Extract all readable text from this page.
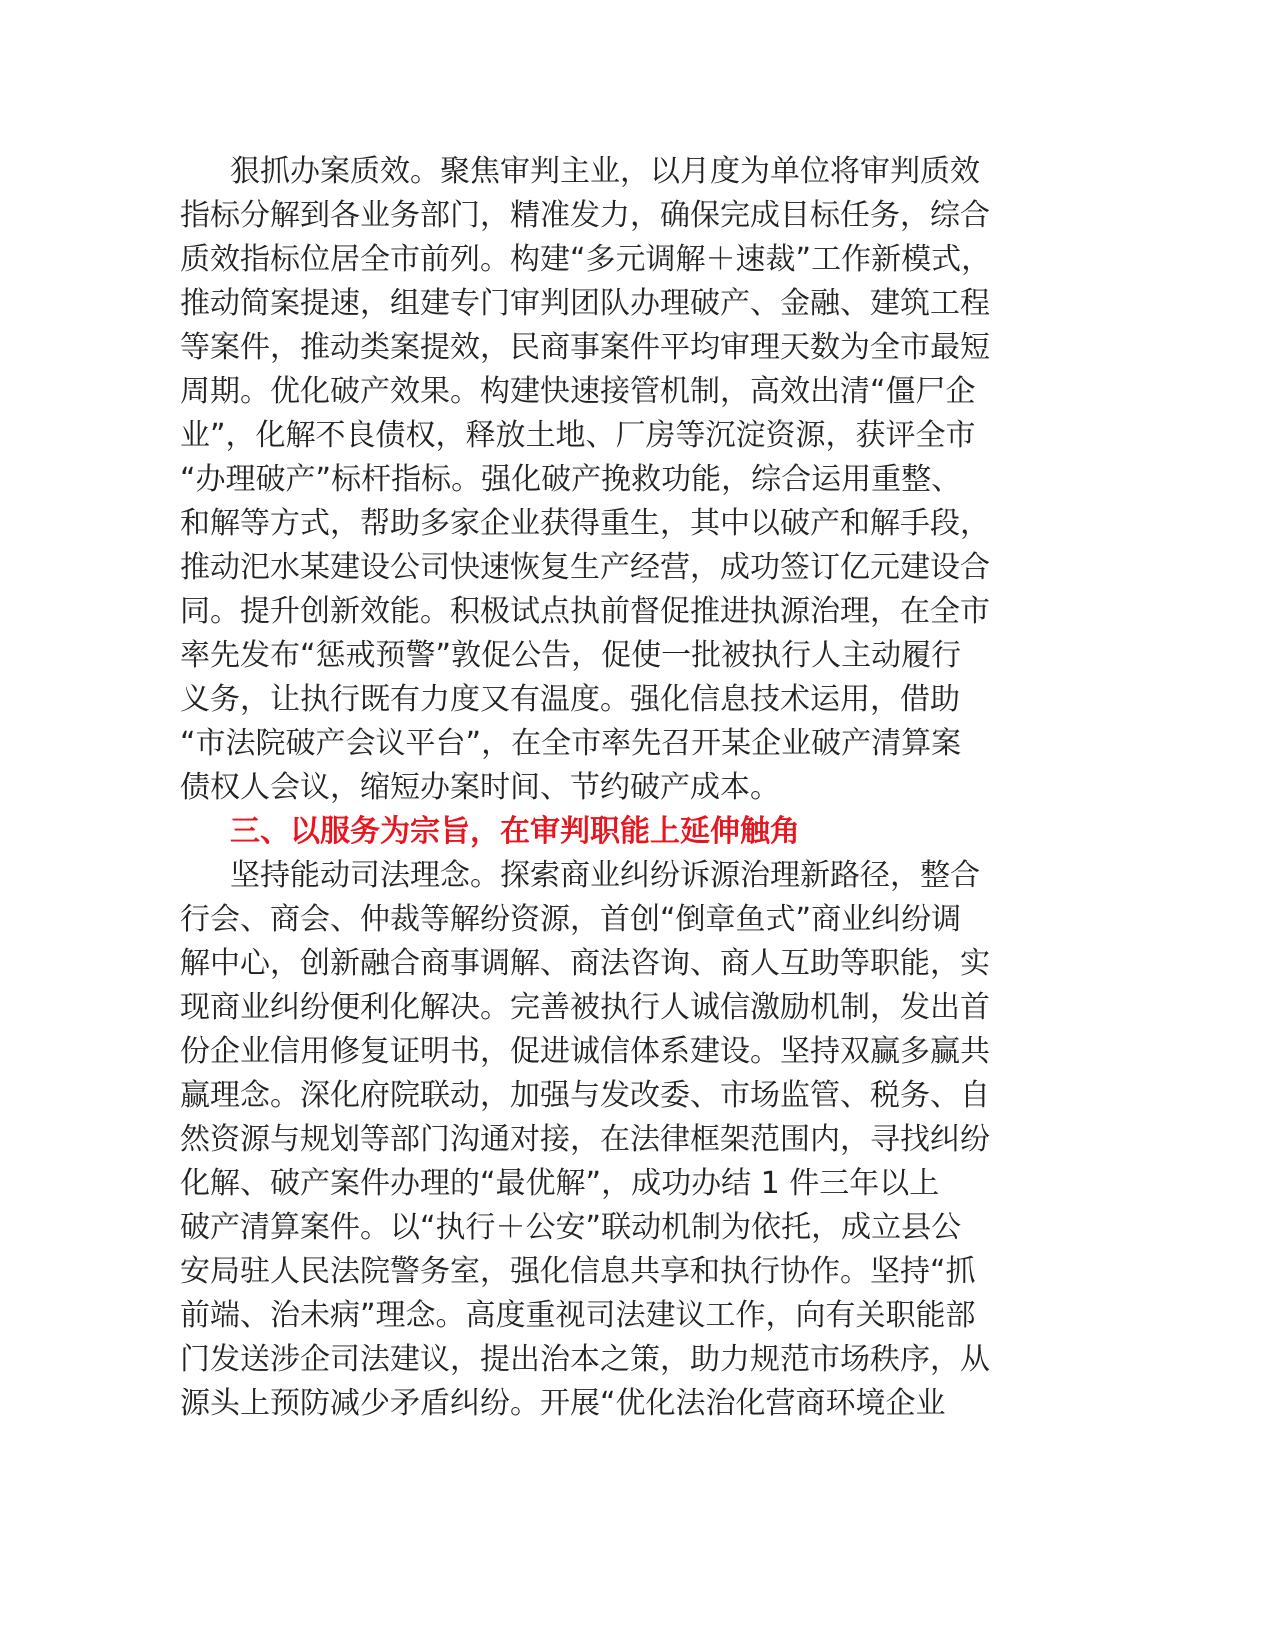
狠抓办案质效。聚焦审判主业，以月度为单位将审判质效
指标分解到各业务部门，精准发力，确保完成目标任务，综合
质效指标位居全市前列。构建“多元调解＋速裁”工作新模式，
推动简案提速，组建专门审判团队办理破产、金融、建筑工程
等案件，推动类案提效，民商事案件平均审理天数为全市最短
周期。优化破产效果。构建快速接管机制，高效出清“僵尸企
业”，化解不良债权，释放土地、厂房等沉淀资源，获评全市
“办理破产”标杆指标。强化破产挽救功能，综合运用重整、
和解等方式，帮助多家企业获得重生，其中以破产和解手段，
推动汜水某建设公司快速恢复生产经营，成功签订亿元建设合
同。提升创新效能。积极试点执前督促推进执源治理，在全市
率先发布“惩戒预警”敦促公告，促使一批被执行人主动履行
义务，让执行既有力度又有温度。强化信息技术运用，借助
“市法院破产会议平台”，在全市率先召开某企业破产清算案
债权人会议，缩短办案时间、节约破产成本。
三、以服务为宗旨，在审判职能上延伸触角
坚持能动司法理念。探索商业纠纷诉源治理新路径，整合
行会、商会、仲裁等解纷资源，首创“倒章鱼式”商业纠纷调
解中心，创新融合商事调解、商法咨询、商人互助等职能，实
现商业纠纷便利化解决。完善被执行人诚信激励机制，发出首
份企业信用修复证明书，促进诚信体系建设。坚持双赢多赢共
赢理念。深化府院联动，加强与发改委、市场监管、税务、自
然资源与规划等部门沟通对接，在法律框架范围内，寻找纠纷
化解、破产案件办理的“最优解”，成功办结 1 件三年以上
破产清算案件。以“执行＋公安”联动机制为依托，成立县公
安局驻人民法院警务室，强化信息共享和执行协作。坚持“抓
前端、治未病”理念。高度重视司法建议工作，向有关职能部
门发送涉企司法建议，提出治本之策，助力规范市场秩序，从
源头上预防减少矛盾纠纷。开展“优化法治化营商环境企业
